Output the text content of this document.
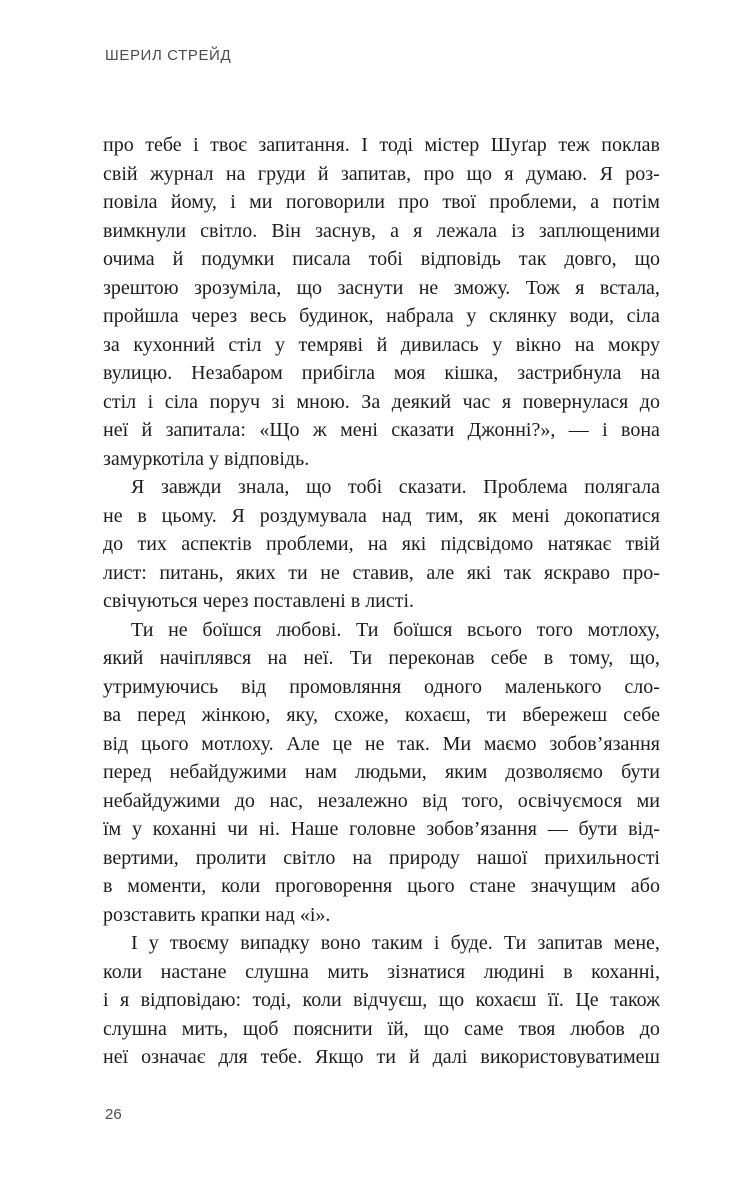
ШЕРИЛ СТРЕЙД
про тебе і твоє запитання. І тоді містер Шуґар теж поклав
свій журнал на груди й запитав, про що я думаю. Я роз-
повіла йому, і ми поговорили про твої проблеми, а потім
вимкнули світло. Він заснув, а я лежала із заплющеними
очима й подумки писала тобі відповідь так довго, що
зрештою зрозуміла, що заснути не зможу. Тож я встала,
пройшла через весь будинок, набрала у склянку води, сіла
за кухонний стіл у темряві й дивилась у вікно на мокру
вулицю. Незабаром прибігла моя кішка, застрибнула на
стіл і сіла поруч зі мною. За деякий час я повернулася до
неї й запитала: «Що ж мені сказати Джонні?», — і вона
замуркотіла у відповідь.
Я завжди знала, що тобі сказати. Проблема полягала
не в цьому. Я роздумувала над тим, як мені докопатися
до тих аспектів проблеми, на які підсвідомо натякає твій
лист: питань, яких ти не ставив, але які так яскраво про-
свічуються через поставлені в листі.
Ти не боїшся любові. Ти боїшся всього того мотлоху,
який начіплявся на неї. Ти переконав себе в тому, що,
утримуючись від промовляння одного маленького сло-
ва перед жінкою, яку, схоже, кохаєш, ти вбережеш себе
від цього мотлоху. Але це не так. Ми маємо зобов’язання
перед небайдужими нам людьми, яким дозволяємо бути
небайдужими до нас, незалежно від того, освічуємося ми
їм у коханні чи ні. Наше головне зобов’язання — бути від-
вертими, пролити світло на природу нашої прихильності
в моменти, коли проговорення цього стане значущим або
розставить крапки над «і».
І у твоєму випадку воно таким і буде. Ти запитав мене,
коли настане слушна мить зізнатися людині в коханні,
і я відповідаю: тоді, коли відчуєш, що кохаєш її. Це також
слушна мить, щоб пояснити їй, що саме твоя любов до
неї означає для тебе. Якщо ти й далі використовуватимеш
26
